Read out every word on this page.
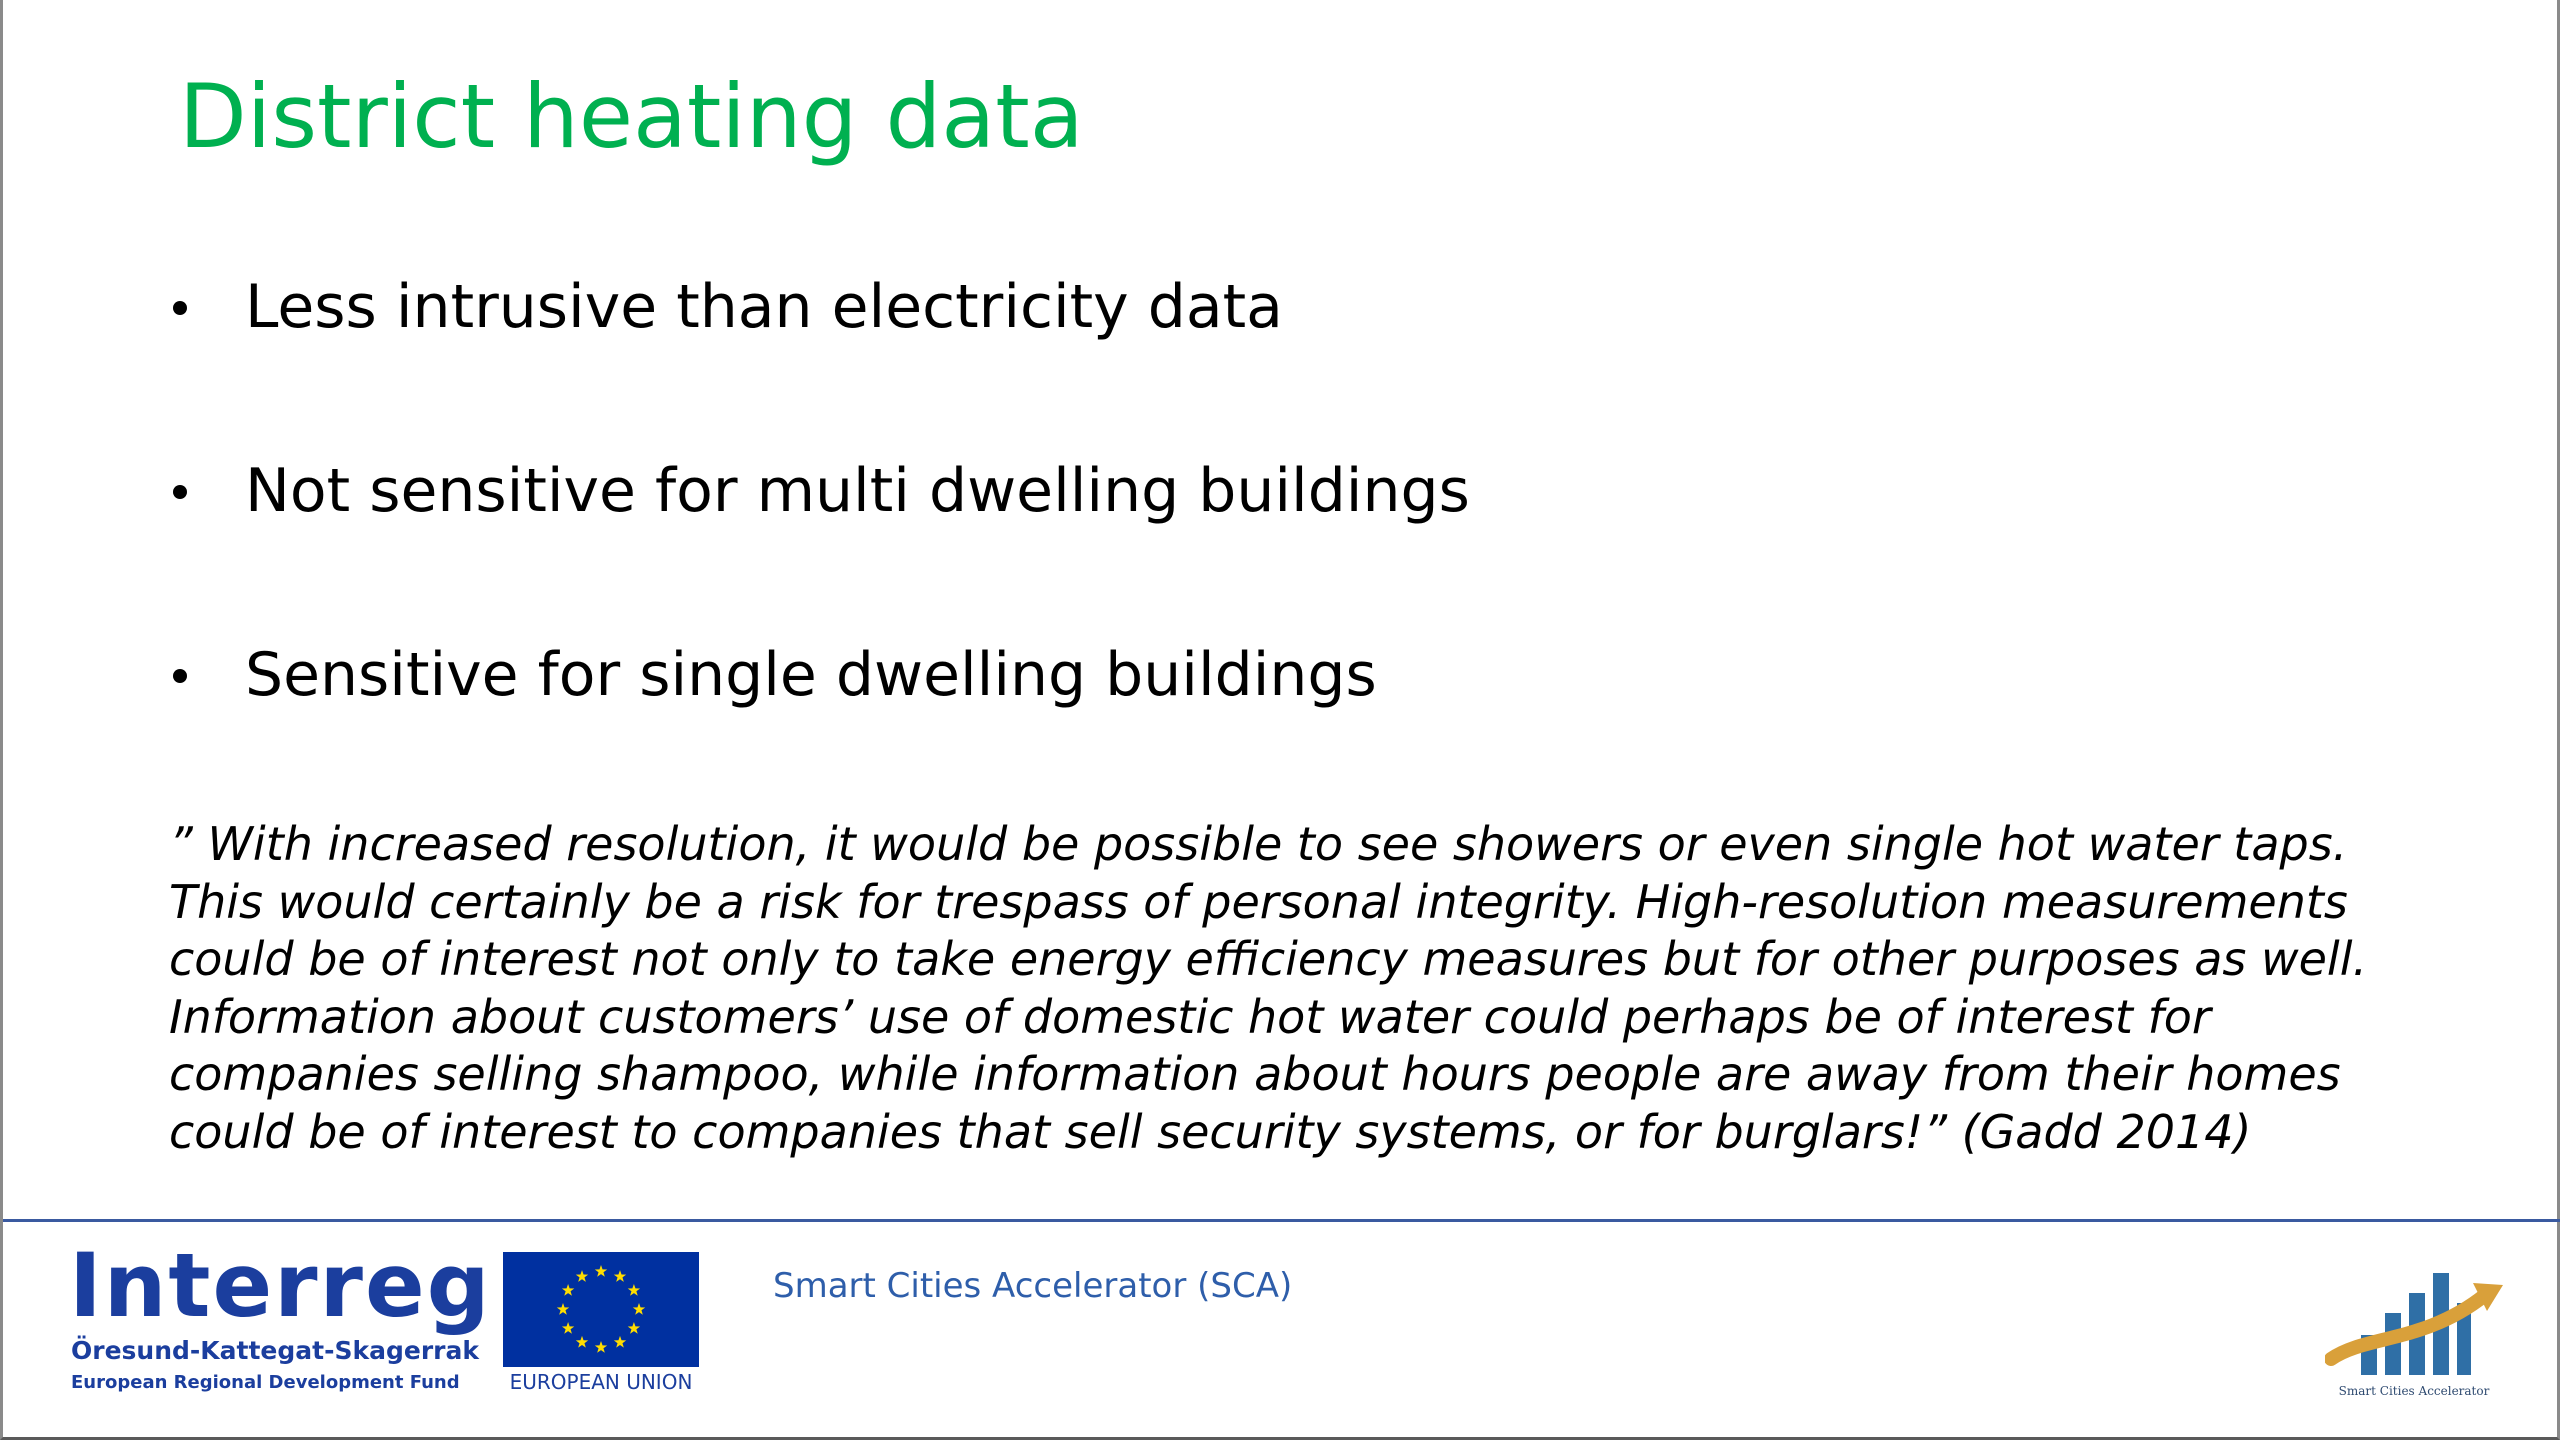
District heating data
Less intrusive than electricity data
Not sensitive for multi dwelling buildings
Sensitive for single dwelling buildings

” With increased resolution, it would be possible to see showers or even single hot water taps.
This would certainly be a risk for trespass of personal integrity. High-resolution measurements
could be of interest not only to take energy efficiency measures but for other purposes as well.
Information about customers’ use of domestic hot water could perhaps be of interest for
companies selling shampoo, while information about hours people are away from their homes
could be of interest to companies that sell security systems, or for burglars!” (Gadd 2014)

Interreg
Öresund-Kattegat-Skagerrak
European Regional Development Fund	EUROPEAN UNION
Smart Cities Accelerator (SCA)
Smart Cities Accelerator
